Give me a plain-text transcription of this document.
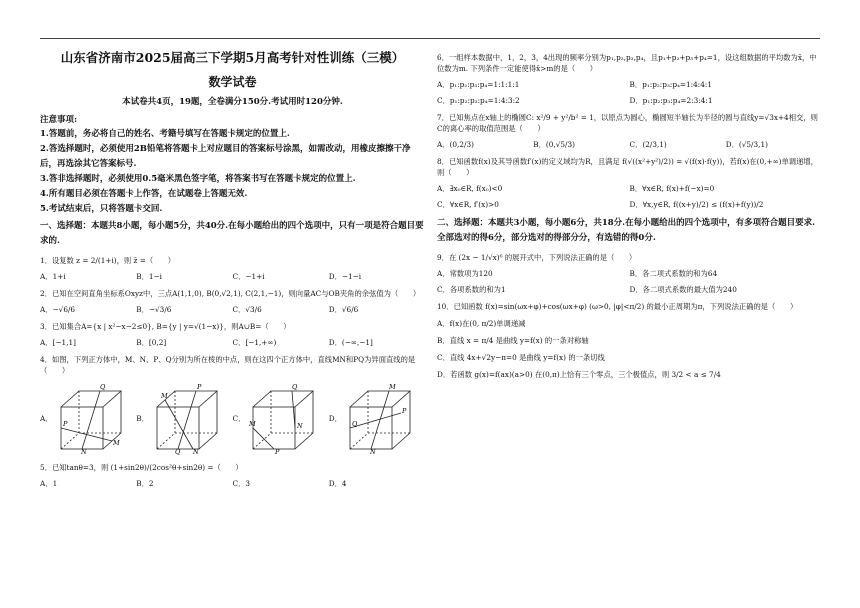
山东省济南市2025届高三下学期5月高考针对性训练（三模）
数学试卷
本试卷共4页，19题，全卷满分150分.考试用时120分钟.
注意事项:
1.答题前，务必将自己的姓名、考籍号填写在答题卡规定的位置上.
2.答选择题时，必须使用2B铅笔将答题卡上对应题目的答案标号涂黑，如需改动，用橡皮擦擦干净后，再选涂其它答案标号.
3.答非选择题时，必须使用0.5毫米黑色签字笔，将答案书写在答题卡规定的位置上.
4.所有题目必须在答题卡上作答，在试题卷上答题无效.
5.考试结束后，只将答题卡交回.
一、选择题：本题共8小题，每小题5分，共40分.在每小题给出的四个选项中，只有一项是符合题目要求的.
1．设复数 z = 2/(1+i)，则 z̄ =（　　）
A．1+i	B．1−i	C．−1+i	D．−1−i
2．已知在空间直角坐标系Oxyz中，三点A(1,1,0), B(0,√2,1), C(2,1,−1)，则向量AC与OB夹角的余弦值为（　　）
A．−√6/6	B．−√3/6	C．√3/6	D．√6/6
3．已知集合A={x | x²−x−2≤0}, B={y | y=√(1−x)}，则A∪B=（　　）
A．[−1,1]	B．[0,2]	C．[−1,+∞)	D．(−∞,−1]
4．如图，下列正方体中，M、N、P、Q分别为所在棱的中点，则在这四个正方体中，直线MN和PQ为异面直线的是（　　）
A．
Q
P
N
M
B．
M
P
Q N
C．
Q
N
M
P
D．
M
Q
P
N
5．已知tanθ=3，则 (1+sin2θ)/(2cos²θ+sin2θ) =（　　）
A．1	B．2	C．3	D．4
6．一组样本数据中，1，2，3，4出现的频率分别为p₁,p₂,p₃,p₄，且p₁+p₂+p₃+p₄=1，设这组数据的平均数为x̄，中位数为m. 下列条件一定能使得x̄>m的是（　　）
A．p₁:p₂:p₃:p₄=1:1:1:1	B．p₁:p₂:p₃:p₄=1:4:4:1
C．p₁:p₂:p₃:p₄=1:4:3:2	D．p₁:p₂:p₃:p₄=2:3:4:1
7．已知焦点在x轴上的椭圆C: x²/9 + y²/b² = 1，以原点为圆心，椭圆短半轴长为半径的圆与直线y=√3x+4相交，则C的离心率的取值范围是（　　）
A．(0,2/3)	B．(0,√5/3)	C．(2/3,1)	D．(√5/3,1)
8．已知函数f(x)及其导函数f′(x)的定义域均为R，且满足 f(√((x²+y²)/2)) = √(f(x)·f(y))，若f(x)在(0,+∞)单调递增，则（　　）
A．∃x₀∈R, f(x₀)<0	B．∀x∈R, f(x)+f(−x)=0
C．∀x∈R, f′(x)>0	D．∀x,y∈R, f((x+y)/2) ≤ (f(x)+f(y))/2
二、选择题：本题共3小题，每小题6分，共18分.在每小题给出的四个选项中，有多项符合题目要求.全部选对的得6分，部分选对的得部分分，有选错的得0分.
9．在 (2x − 1/√x)⁶ 的展开式中，下列说法正确的是（　　）
A．常数项为120	B．各二项式系数的和为64
C．各项系数的和为1	D．各二项式系数的最大值为240
10．已知函数 f(x)=sin(ωx+φ)+cos(ωx+φ) (ω>0, |φ|<π/2) 的最小正周期为π，下列说法正确的是（　　）
A．f(x)在(0, π/2)单调递减
B．直线 x = π/4 是曲线 y=f(x) 的一条对称轴
C．直线 4x+√2y−π=0 是曲线 y=f(x) 的一条切线
D．若函数 g(x)=f(ax)(a>0) 在(0,π)上恰有三个零点，三个极值点，则 3/2 < a ≤ 7/4
